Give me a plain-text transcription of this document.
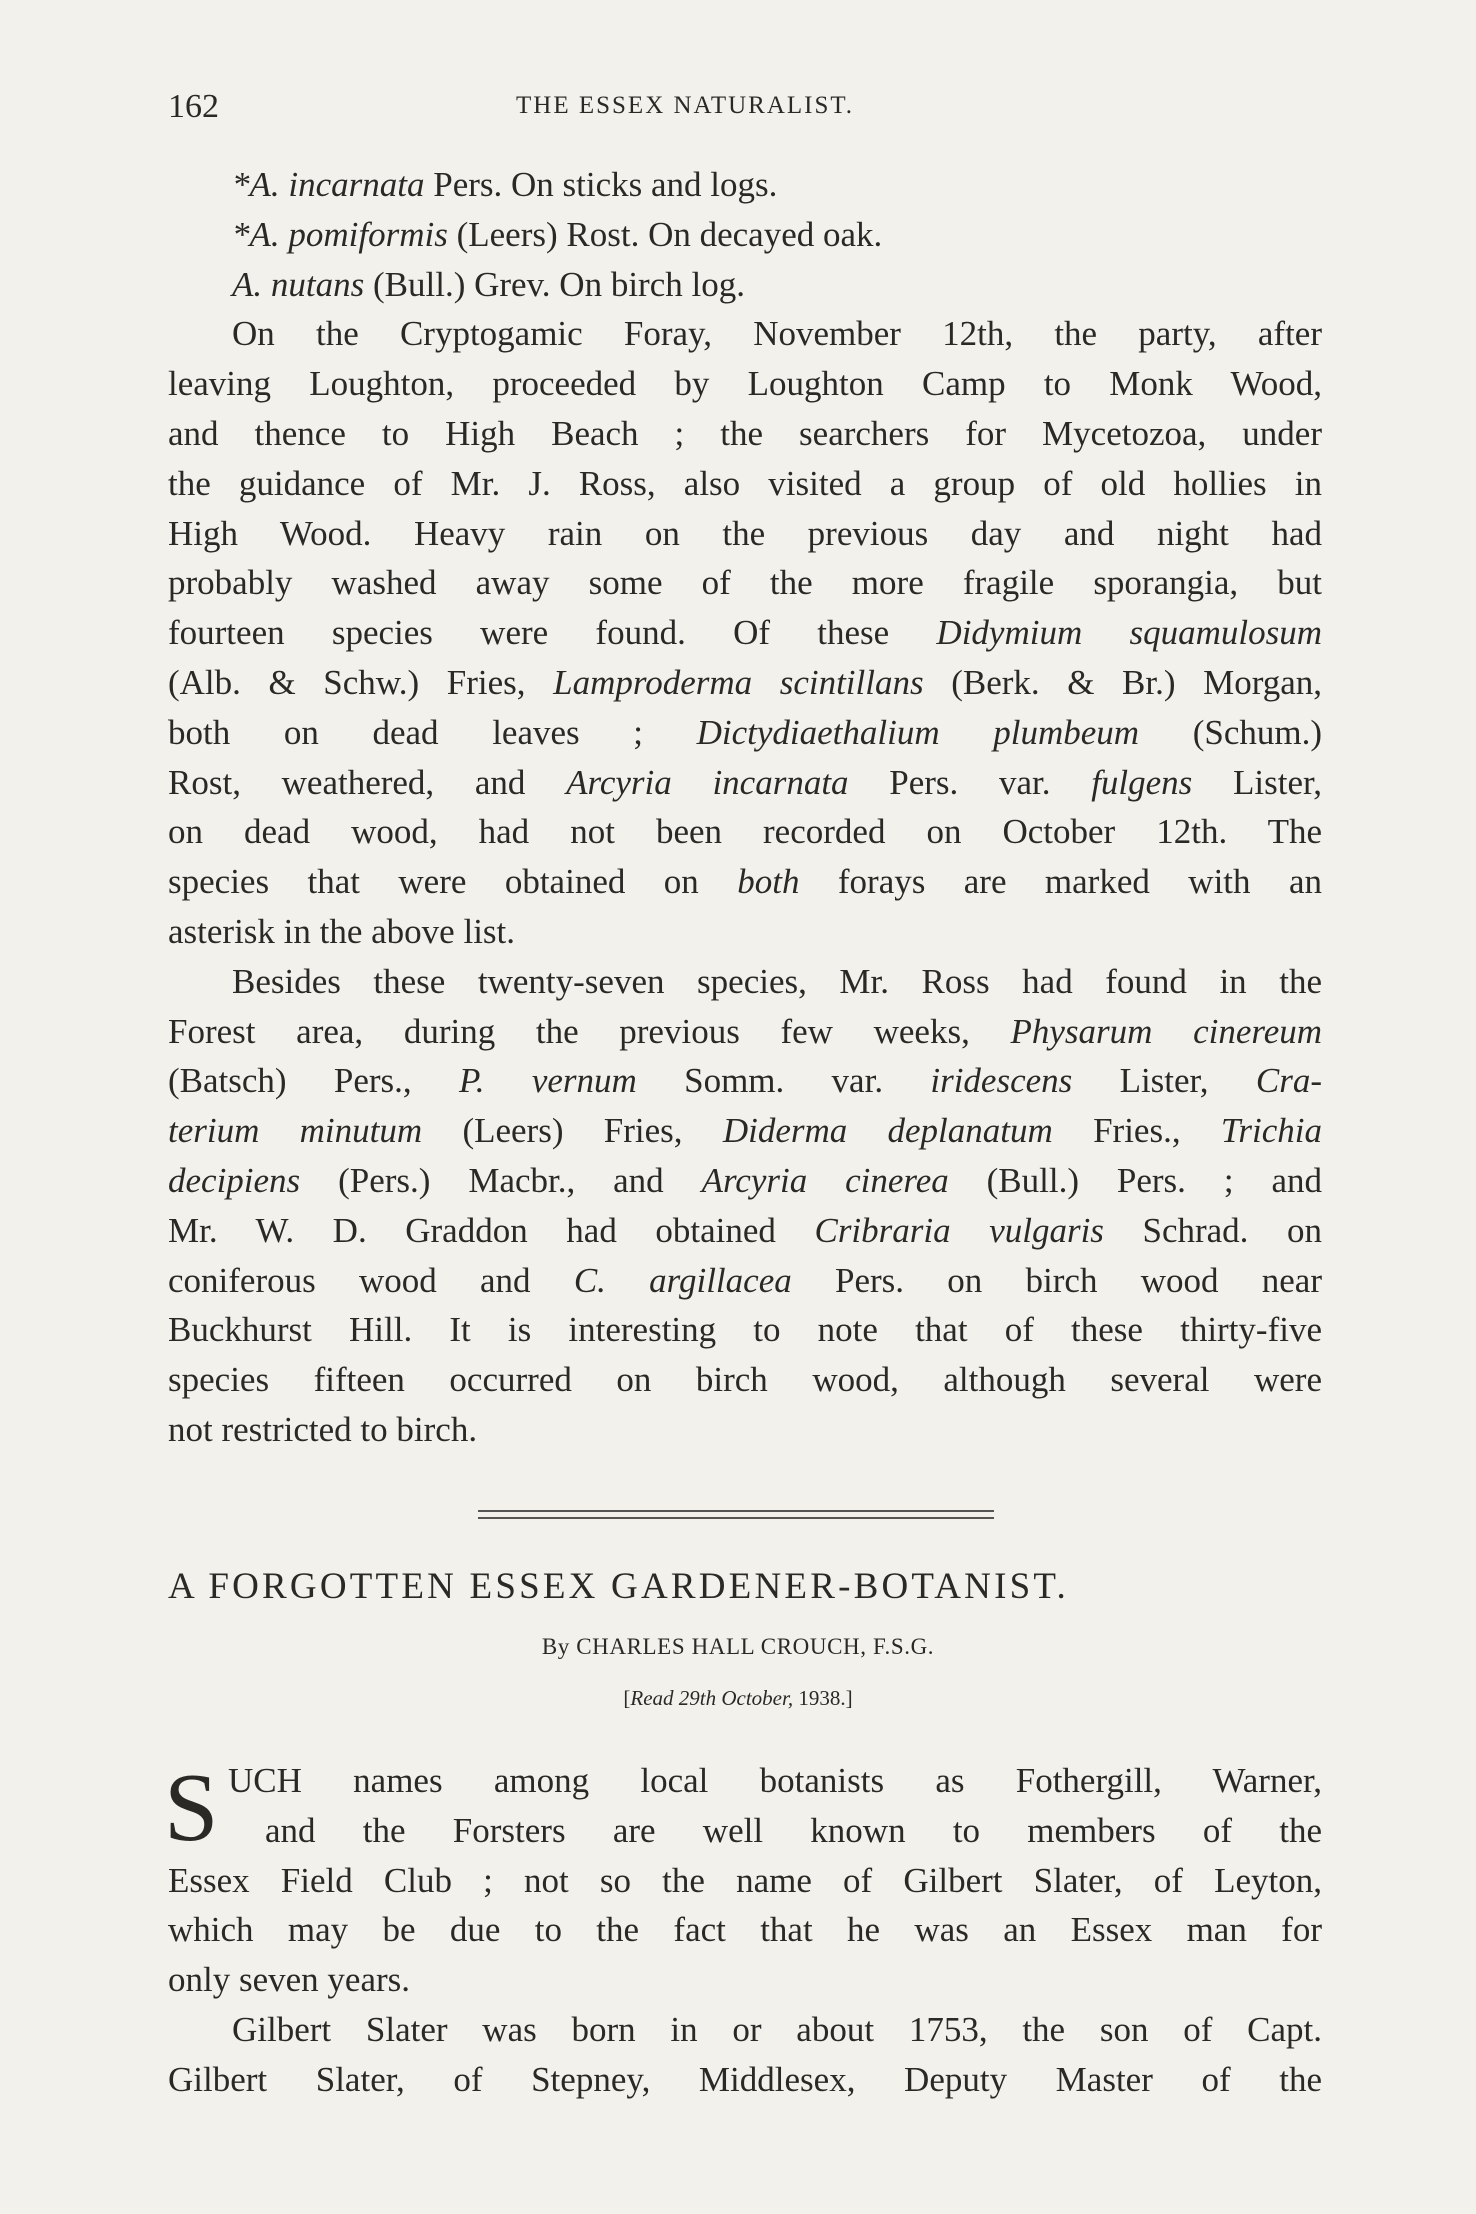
162	THE ESSEX NATURALIST.
*A. incarnata Pers. On sticks and logs.
*A. pomiformis (Leers) Rost. On decayed oak.
A. nutans (Bull.) Grev. On birch log.
On the Cryptogamic Foray, November 12th, the party, after
leaving Loughton, proceeded by Loughton Camp to Monk Wood,
and thence to High Beach ; the searchers for Mycetozoa, under
the guidance of Mr. J. Ross, also visited a group of old hollies in
High Wood. Heavy rain on the previous day and night had
probably washed away some of the more fragile sporangia, but
fourteen species were found. Of these Didymium squamulosum
(Alb. & Schw.) Fries, Lamproderma scintillans (Berk. & Br.) Morgan,
both on dead leaves ; Dictydiaethalium plumbeum (Schum.)
Rost, weathered, and Arcyria incarnata Pers. var. fulgens Lister,
on dead wood, had not been recorded on October 12th. The
species that were obtained on both forays are marked with an
asterisk in the above list.
Besides these twenty-seven species, Mr. Ross had found in the
Forest area, during the previous few weeks, Physarum cinereum
(Batsch) Pers., P. vernum Somm. var. iridescens Lister, Cra-
terium minutum (Leers) Fries, Diderma deplanatum Fries., Trichia
decipiens (Pers.) Macbr., and Arcyria cinerea (Bull.) Pers. ; and
Mr. W. D. Graddon had obtained Cribraria vulgaris Schrad. on
coniferous wood and C. argillacea Pers. on birch wood near
Buckhurst Hill. It is interesting to note that of these thirty-five
species fifteen occurred on birch wood, although several were
not restricted to birch.
A FORGOTTEN ESSEX GARDENER-BOTANIST.
By CHARLES HALL CROUCH, F.S.G.
[Read 29th October, 1938.]
S UCH names among local botanists as Fothergill, Warner,
and the Forsters are well known to members of the
Essex Field Club ; not so the name of Gilbert Slater, of Leyton,
which may be due to the fact that he was an Essex man for
only seven years.
Gilbert Slater was born in or about 1753, the son of Capt.
Gilbert Slater, of Stepney, Middlesex, Deputy Master of the
